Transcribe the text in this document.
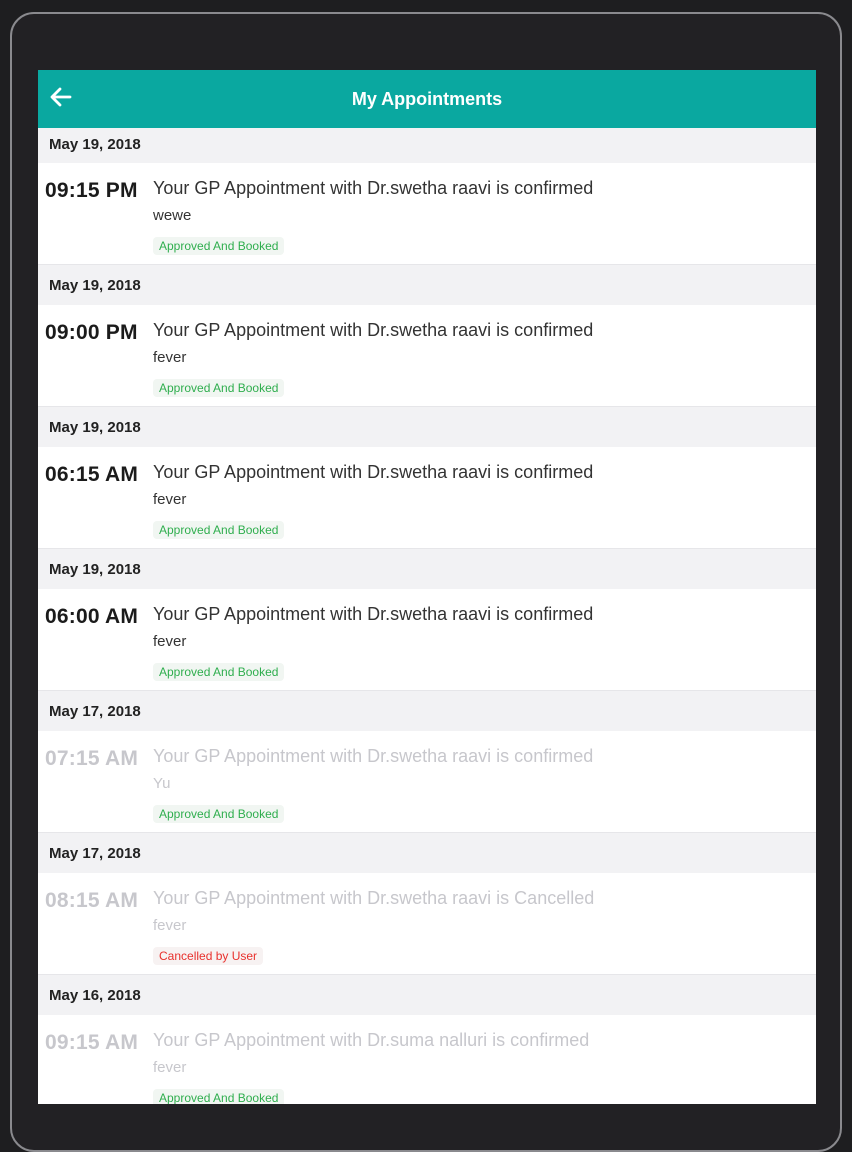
My Appointments
May 19, 2018
09:15 PM Your GP Appointment with Dr.swetha raavi is confirmed
wewe
Approved And Booked
May 19, 2018
09:00 PM Your GP Appointment with Dr.swetha raavi is confirmed
fever
Approved And Booked
May 19, 2018
06:15 AM Your GP Appointment with Dr.swetha raavi is confirmed
fever
Approved And Booked
May 19, 2018
06:00 AM Your GP Appointment with Dr.swetha raavi is confirmed
fever
Approved And Booked
May 17, 2018
07:15 AM Your GP Appointment with Dr.swetha raavi is confirmed
Yu
Approved And Booked
May 17, 2018
08:15 AM Your GP Appointment with Dr.swetha raavi is Cancelled
fever
Cancelled by User
May 16, 2018
09:15 AM Your GP Appointment with Dr.suma nalluri is confirmed
fever
Approved And Booked
